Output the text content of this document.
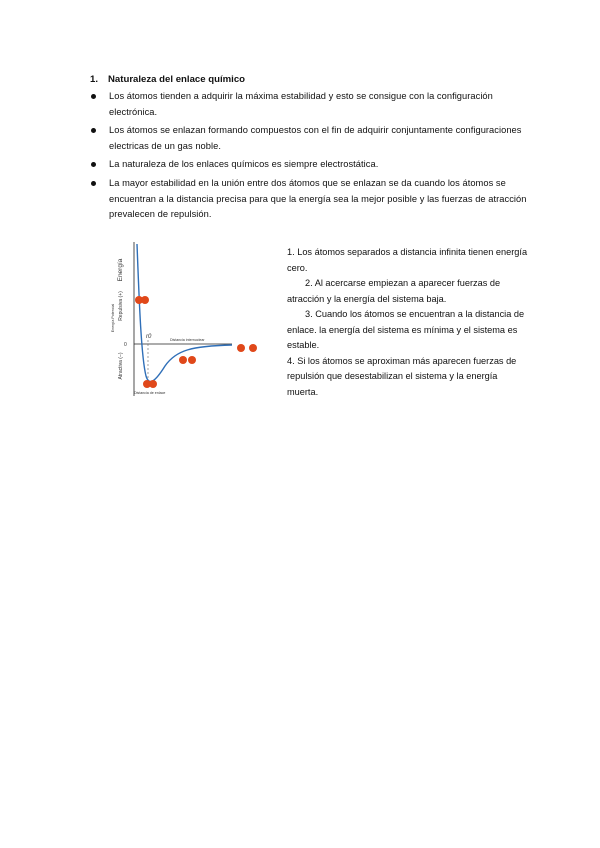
1. Naturaleza del enlace químico
Los átomos tienden a adquirir la máxima estabilidad y esto se consigue con la configuración electrónica.
Los átomos se enlazan formando compuestos con el fin de adquirir conjuntamente configuraciones electricas de un gas noble.
La naturaleza de los enlaces químicos es siempre electrostática.
La mayor estabilidad en la unión entre dos átomos que se enlazan se da cuando los átomos se encuentran a la distancia precisa para que la energía sea la mejor posible y las fuerzas de atracción prevalecen de repulsión.
Energía
Repulsiva (+)
Energía Potencial
Atractiva (−)
0
r0	Distancia internuclear
Distancia de enlace

1. Los átomos separados a distancia infinita tienen energía cero.

2. Al acercarse empiezan a aparecer fuerzas de atracción y la energía del sistema baja.

3. Cuando los átomos se encuentran a la distancia de enlace. la energía del sistema es mínima y el sistema es estable.

4. Si los átomos se aproximan más aparecen fuerzas de repulsión que desestabilizan el sistema y la energía muerta.
